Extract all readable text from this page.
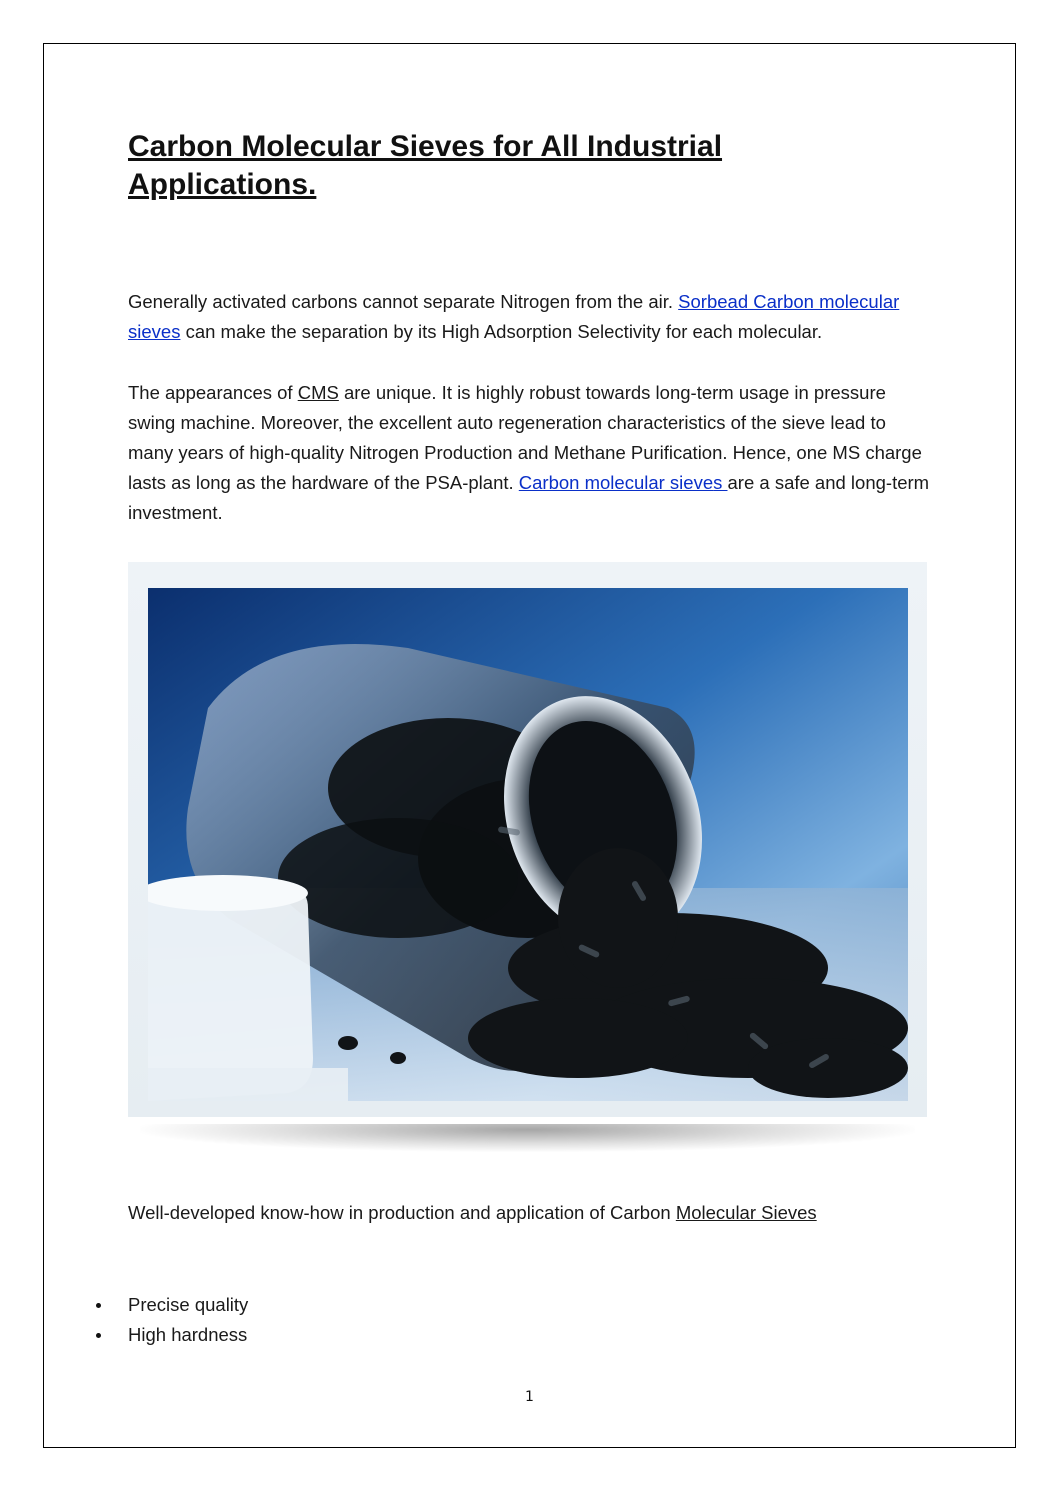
Carbon Molecular Sieves for All Industrial Applications.

Generally activated carbons cannot separate Nitrogen from the air. Sorbead Carbon molecular sieves can make the separation by its High Adsorption Selectivity for each molecular.

The appearances of CMS are unique. It is highly robust towards long-term usage in pressure swing machine. Moreover, the excellent auto regeneration characteristics of the sieve lead to many years of high-quality Nitrogen Production and Methane Purification. Hence, one MS charge lasts as long as the hardware of the PSA-plant. Carbon molecular sieves are a safe and long-term investment.

Well-developed know-how in production and application of Carbon Molecular Sieves

Precise quality
High hardness
1
